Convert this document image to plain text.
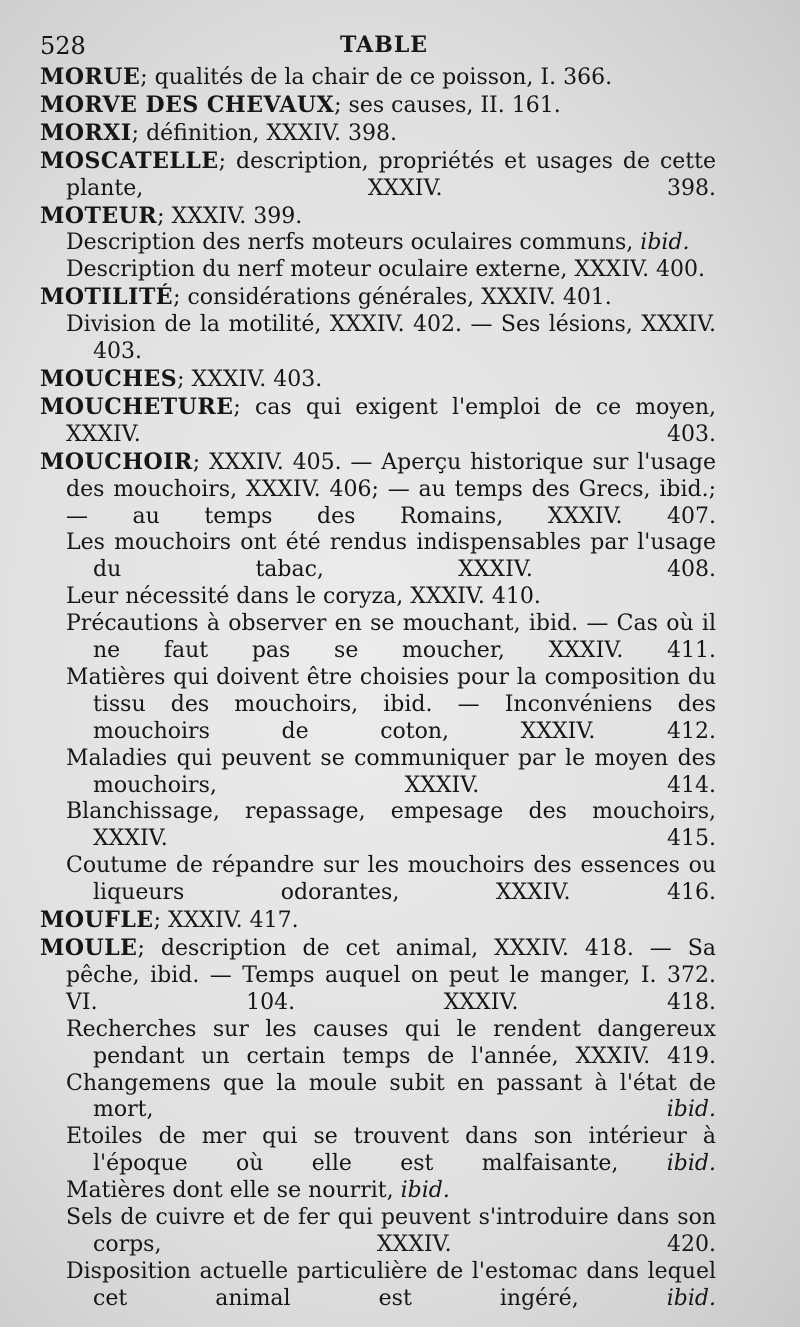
528	TABLE
MORUE; qualités de la chair de ce poisson, I. 366.
MORVE DES CHEVAUX; ses causes, II. 161.
MORXI; définition, XXXIV. 398.
MOSCATELLE; description, propriétés et usages de cette plante, XXXIV. 398.
MOTEUR; XXXIV. 399.
Description des nerfs moteurs oculaires communs, ibid.
Description du nerf moteur oculaire externe, XXXIV. 400.
MOTILITÉ; considérations générales, XXXIV. 401.
Division de la motilité, XXXIV. 402. — Ses lésions, XXXIV. 403.
MOUCHES; XXXIV. 403.
MOUCHETURE; cas qui exigent l'emploi de ce moyen, XXXIV. 403.
MOUCHOIR; XXXIV. 405. — Aperçu historique sur l'usage des mouchoirs, XXXIV. 406; — au temps des Grecs, ibid.; — au temps des Romains, XXXIV. 407.
Les mouchoirs ont été rendus indispensables par l'usage du tabac, XXXIV. 408.
Leur nécessité dans le coryza, XXXIV. 410.
Précautions à observer en se mouchant, ibid. — Cas où il ne faut pas se moucher, XXXIV. 411.
Matières qui doivent être choisies pour la composition du tissu des mouchoirs, ibid. — Inconvéniens des mouchoirs de coton, XXXIV. 412.
Maladies qui peuvent se communiquer par le moyen des mouchoirs, XXXIV. 414.
Blanchissage, repassage, empesage des mouchoirs, XXXIV. 415.
Coutume de répandre sur les mouchoirs des essences ou liqueurs odorantes, XXXIV. 416.
MOUFLE; XXXIV. 417.
MOULE; description de cet animal, XXXIV. 418. — Sa pêche, ibid. — Temps auquel on peut le manger, I. 372. VI. 104. XXXIV. 418.
Recherches sur les causes qui le rendent dangereux pendant un certain temps de l'année, XXXIV. 419.
Changemens que la moule subit en passant à l'état de mort, ibid.
Etoiles de mer qui se trouvent dans son intérieur à l'époque où elle est malfaisante, ibid.
Matières dont elle se nourrit, ibid.
Sels de cuivre et de fer qui peuvent s'introduire dans son corps, XXXIV. 420.
Disposition actuelle particulière de l'estomac dans lequel cet animal est ingéré, ibid.
